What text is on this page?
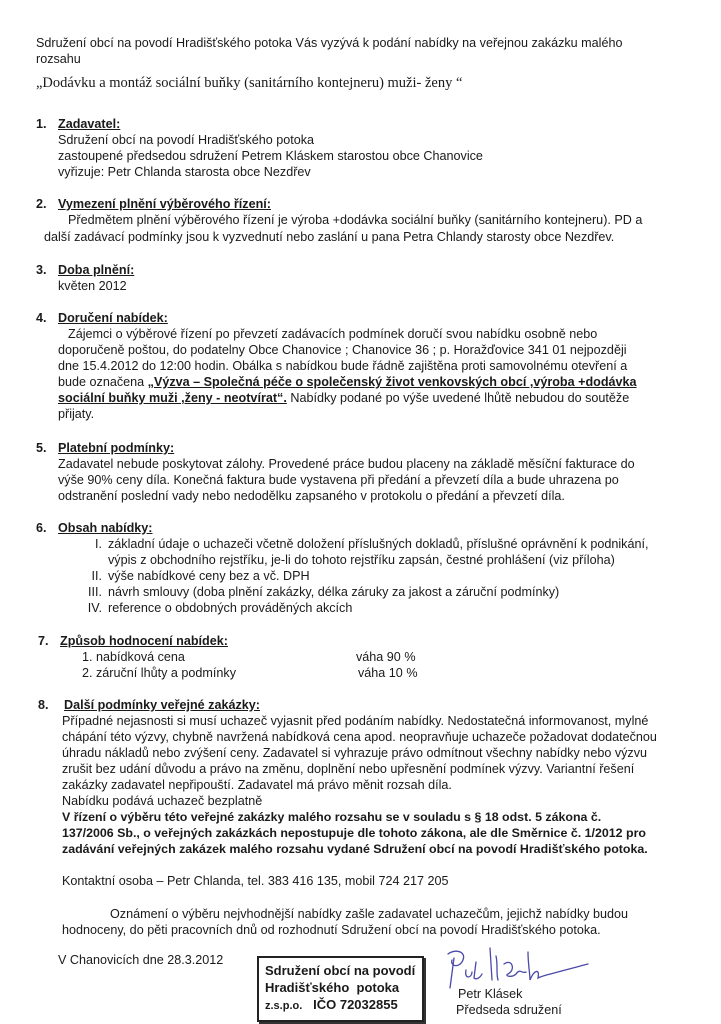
Sdružení obcí na povodí Hradišťského potoka Vás vyzývá k podání nabídky na veřejnou zakázku malého
rozsahu
„Dodávku a montáž sociální buňky (sanitárního kontejneru) muži- ženy “
1. Zadavatel:
Sdružení obcí na povodí Hradišťského potoka
zastoupené předsedou sdružení Petrem Kláskem starostou obce Chanovice
vyřizuje: Petr Chlanda starosta obce Nezdřev
2. Vymezení plnění výběrového řízení:
Předmětem plnění výběrového řízení je výroba +dodávka sociální buňky (sanitárního kontejneru). PD a
další zadávací podmínky jsou k vyzvednutí nebo zaslání u pana Petra Chlandy starosty obce Nezdřev.
3. Doba plnění:
květen 2012
4. Doručení nabídek:
Zájemci o výběrové řízení po převzetí zadávacích podmínek doručí svou nabídku osobně nebo
doporučeně poštou, do podatelny Obce Chanovice ; Chanovice 36 ; p. Horažďovice 341 01 nejpozději
dne 15.4.2012 do 12:00 hodin. Obálka s nabídkou bude řádně zajištěna proti samovolnému otevření a
bude označena „Výzva – Společná péče o společenský život venkovských obcí ,výroba +dodávka
sociální buňky muži ,ženy - neotvírat“. Nabídky podané po výše uvedené lhůtě nebudou do soutěže
přijaty.
5. Platební podmínky:
Zadavatel nebude poskytovat zálohy. Provedené práce budou placeny na základě měsíční fakturace do
výše 90% ceny díla. Konečná faktura bude vystavena při předání a převzetí díla a bude uhrazena po
odstranění poslední vady nebo nedodělku zapsaného v protokolu o předání a převzetí díla.
6. Obsah nabídky:
I. základní údaje o uchazeči včetně doložení příslušných dokladů, příslušné oprávnění k podnikání,
výpis z obchodního rejstříku, je-li do tohoto rejstříku zapsán, čestné prohlášení (viz příloha)
II. výše nabídkové ceny bez a vč. DPH
III. návrh smlouvy (doba plnění zakázky, délka záruky za jakost a záruční podmínky)
IV. reference o obdobných prováděných akcích
7. Způsob hodnocení nabídek:
1. nabídková cena	váha 90 %
2. záruční lhůty a podmínky	váha 10 %
8. Další podmínky veřejné zakázky:
Případné nejasnosti si musí uchazeč vyjasnit před podáním nabídky. Nedostatečná informovanost, mylné
chápání této výzvy, chybně navržená nabídková cena apod. neopravňuje uchazeče požadovat dodatečnou
úhradu nákladů nebo zvýšení ceny. Zadavatel si vyhrazuje právo odmítnout všechny nabídky nebo výzvu
zrušit bez udání důvodu a právo na změnu, doplnění nebo upřesnění podmínek výzvy. Variantní řešení
zakázky zadavatel nepřipouští. Zadavatel má právo měnit rozsah díla.
Nabídku podává uchazeč bezplatně
V řízení o výběru této veřejné zakázky malého rozsahu se v souladu s § 18 odst. 5 zákona č.
137/2006 Sb., o veřejných zakázkách nepostupuje dle tohoto zákona, ale dle Směrnice č. 1/2012 pro
zadávání veřejných zakázek malého rozsahu vydané Sdružení obcí na povodí Hradišťského potoka.
Kontaktní osoba – Petr Chlanda, tel. 383 416 135, mobil 724 217 205
Oznámení o výběru nejvhodnější nabídky zašle zadavatel uchazečům, jejichž nabídky budou
hodnoceny, do pěti pracovních dnů od rozhodnutí Sdružení obcí na povodí Hradišťského potoka.
V Chanovicích dne 28.3.2012
Sdružení obcí na povodí
Hradišťského potoka
z.s.p.o. IČO 72032855
Petr Klásek
Předseda sdružení
